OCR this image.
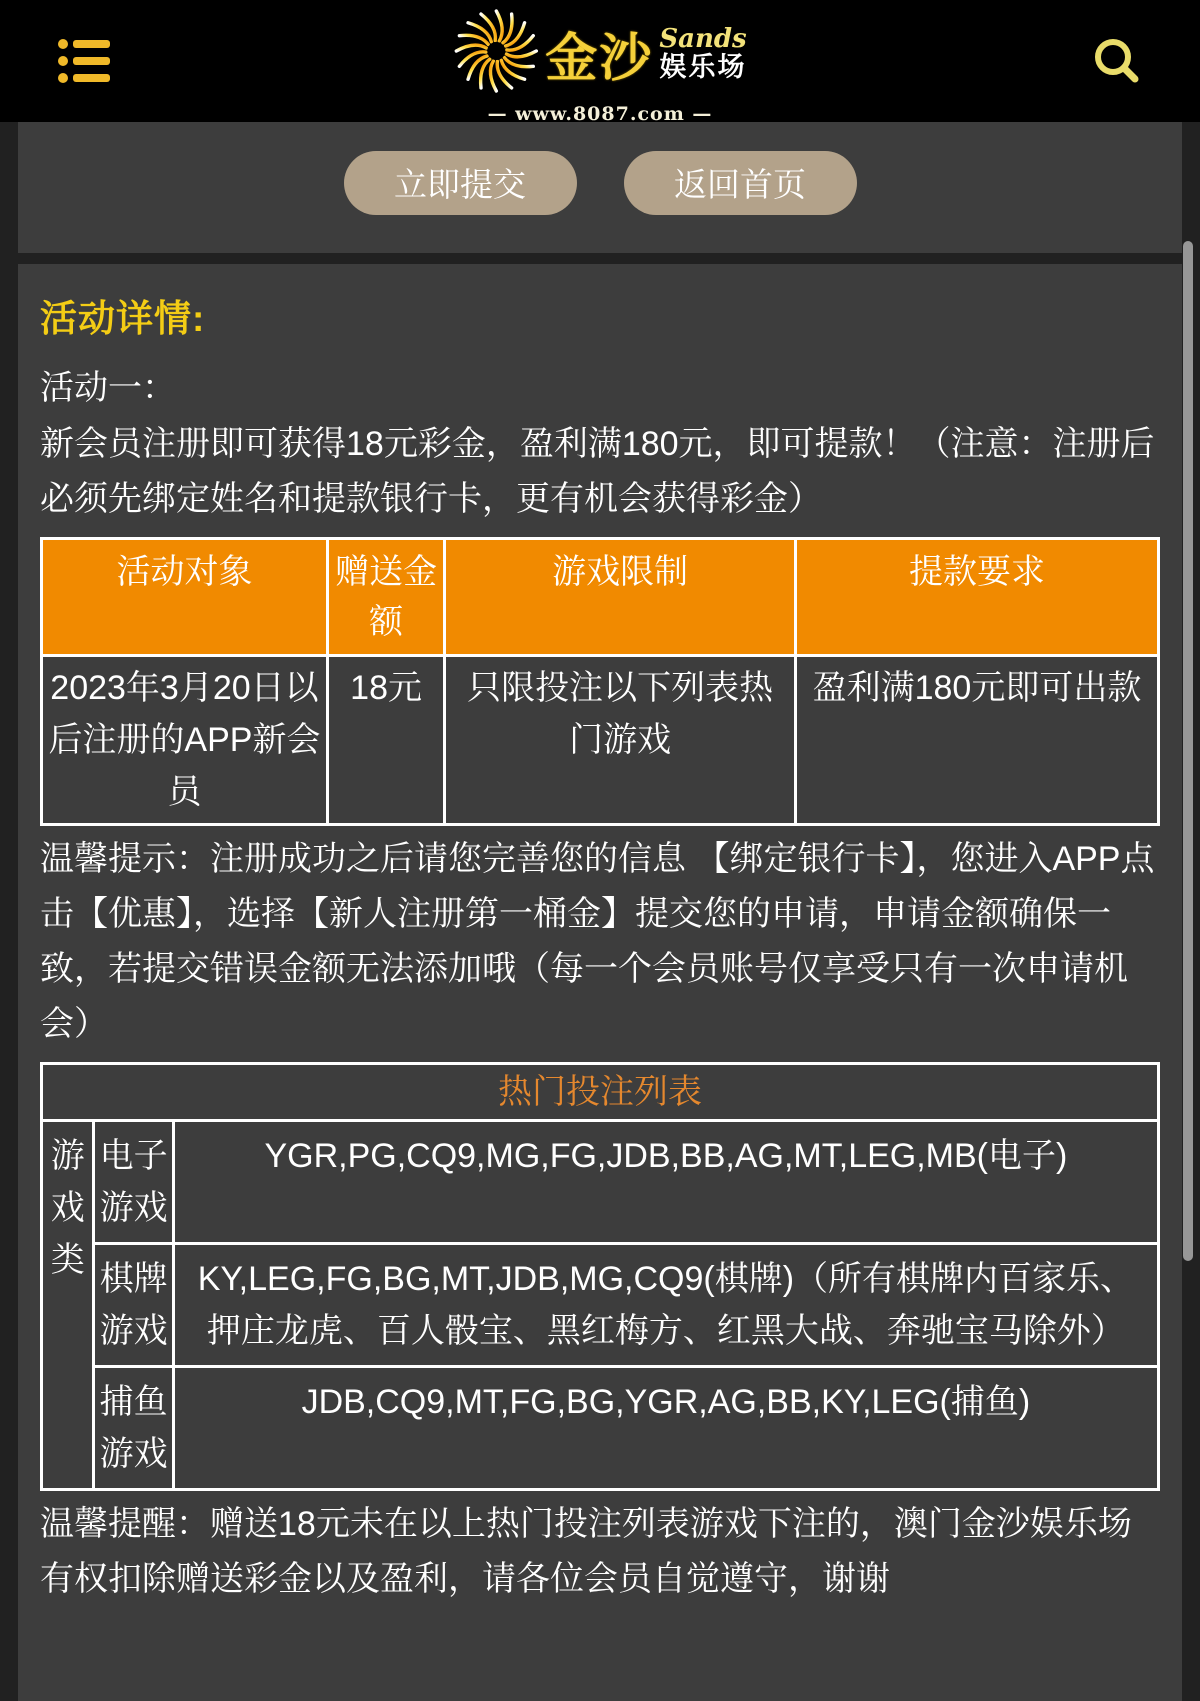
金沙 Sands
娱乐场
— www.8087.com —
立即提交	返回首页
活动详情:
活动一：

新会员注册即可获得18元彩金，盈利满180元，即可提款！（注意：注册后必须先绑定姓名和提款银行卡，更有机会获得彩金）

活动对象	赠送金额	游戏限制	提款要求
2023年3月20日以后注册的APP新会员	18元	只限投注以下列表热门游戏	盈利满180元即可出款

温馨提示：注册成功之后请您完善您的信息 【绑定银行卡】，您进入APP点击【优惠】，选择【新人注册第一桶金】提交您的申请，申请金额确保一致，若提交错误金额无法添加哦（每一个会员账号仅享受只有一次申请机会）

热门投注列表		
游戏类	电子游戏	YGR,PG,CQ9,MG,FG,JDB,BB,AG,MT,LEG,MB(电子)
	棋牌游戏	KY,LEG,FG,BG,MT,JDB,MG,CQ9(棋牌)（所有棋牌内百家乐、押庄龙虎、百人骰宝、黑红梅方、红黑大战、奔驰宝马除外）
	捕鱼游戏	JDB,CQ9,MT,FG,BG,YGR,AG,BB,KY,LEG(捕鱼)

温馨提醒：赠送18元未在以上热门投注列表游戏下注的，澳门金沙娱乐场有权扣除赠送彩金以及盈利，请各位会员自觉遵守，谢谢
